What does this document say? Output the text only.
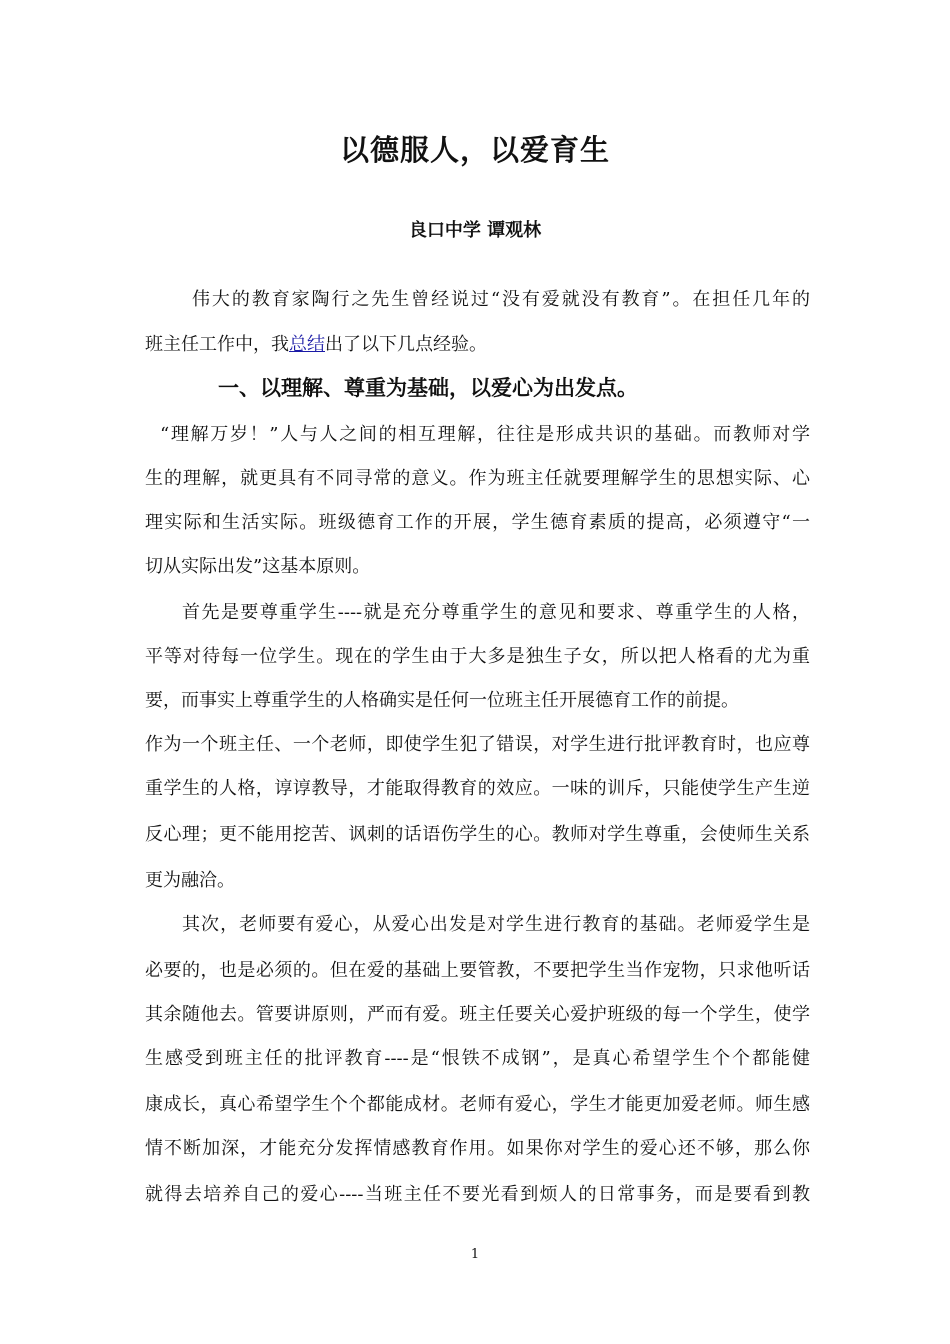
以德服人，以爱育生
良口中学 谭观林
伟大的教育家陶行之先生曾经说过“没有爱就没有教育”。在担任几年的
班主任工作中，我总结出了以下几点经验。
一、以理解、尊重为基础，以爱心为出发点。
“理解万岁！”人与人之间的相互理解，往往是形成共识的基础。而教师对学
生的理解，就更具有不同寻常的意义。作为班主任就要理解学生的思想实际、心
理实际和生活实际。班级德育工作的开展，学生德育素质的提高，必须遵守“一
切从实际出发”这基本原则。
首先是要尊重学生----就是充分尊重学生的意见和要求、尊重学生的人格，
平等对待每一位学生。现在的学生由于大多是独生子女，所以把人格看的尤为重
要，而事实上尊重学生的人格确实是任何一位班主任开展德育工作的前提。
作为一个班主任、一个老师，即使学生犯了错误，对学生进行批评教育时，也应尊
重学生的人格，谆谆教导，才能取得教育的效应。一味的训斥，只能使学生产生逆
反心理；更不能用挖苦、讽刺的话语伤学生的心。教师对学生尊重，会使师生关系
更为融洽。
其次，老师要有爱心，从爱心出发是对学生进行教育的基础。老师爱学生是
必要的，也是必须的。但在爱的基础上要管教，不要把学生当作宠物，只求他听话
其余随他去。管要讲原则，严而有爱。班主任要关心爱护班级的每一个学生，使学
生感受到班主任的批评教育----是“恨铁不成钢”，是真心希望学生个个都能健
康成长，真心希望学生个个都能成材。老师有爱心，学生才能更加爱老师。师生感
情不断加深，才能充分发挥情感教育作用。如果你对学生的爱心还不够，那么你
就得去培养自己的爱心----当班主任不要光看到烦人的日常事务，而是要看到教
1
